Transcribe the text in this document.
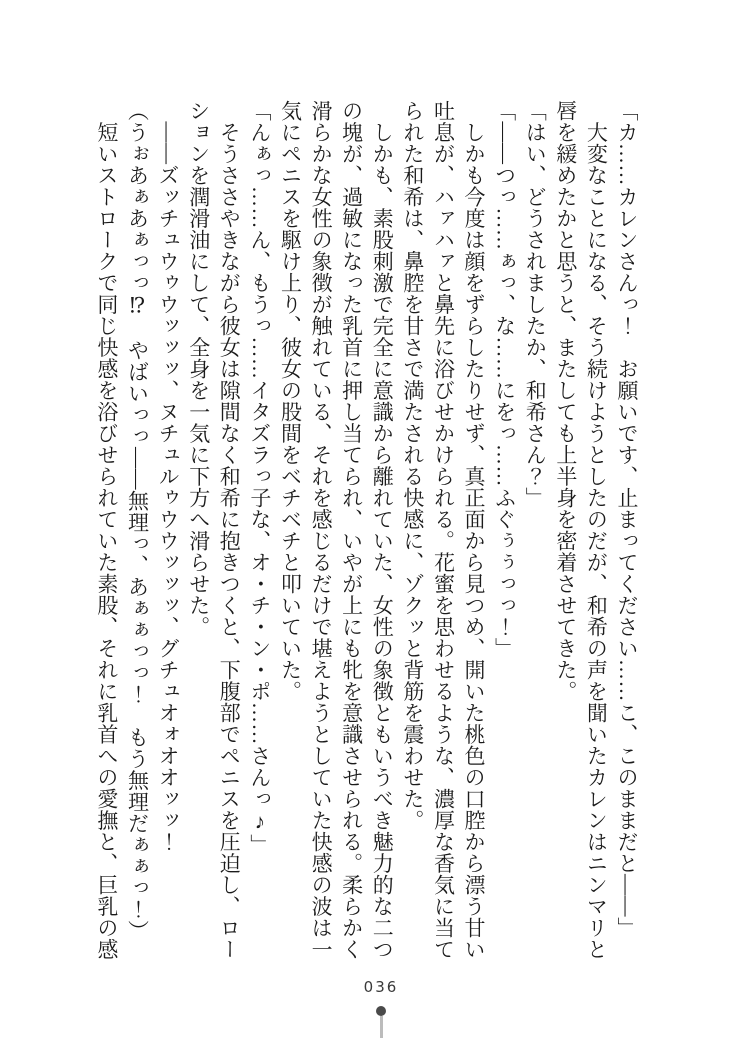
「カ……カレンさんっ！　お願いです、止まってください……こ、このままだと――」

　大変なことになる、そう続けようとしたのだが、和希の声を聞いたカレンはニンマリと

唇を緩めたかと思うと、またしても上半身を密着させてきた。

「はい、どうされましたか、和希さん？」

「――つっ……ぁっ、な……にをっ……ふぐぅぅっっ！」

　しかも今度は顔をずらしたりせず、真正面から見つめ、開いた桃色の口腔から漂う甘い

吐息が、ハァハァと鼻先に浴びせかけられる。花蜜を思わせるような、濃厚な香気に当て

られた和希は、鼻腔を甘さで満たされる快感に、ゾクッと背筋を震わせた。

　しかも、素股刺激で完全に意識から離れていた、女性の象徴ともいうべき魅力的な二つ

の塊が、過敏になった乳首に押し当てられ、いやが上にも牝を意識させられる。柔らかく

滑らかな女性の象徴が触れている、それを感じるだけで堪えようとしていた快感の波は一

気にペニスを駆け上り、彼女の股間をベチベチと叩いていた。

「んぁっ……ん、もうっ……イタズラっ子な、オ・チ・ン・ポ……さんっ♪」

　そうささやきながら彼女は隙間なく和希に抱きつくと、下腹部でペニスを圧迫し、ロー

ションを潤滑油にして、全身を一気に下方へ滑らせた。

　――ズッチュウゥウッッッ、ヌチュルゥウウッッッ、グチュオォオオッッ！

（うぉあぁあぁっっ⁉　やばいっっ――無理っ、あぁぁっっ！　もう無理だぁぁっ！）

　短いストロークで同じ快感を浴びせられていた素股、それに乳首への愛撫と、巨乳の感

036
